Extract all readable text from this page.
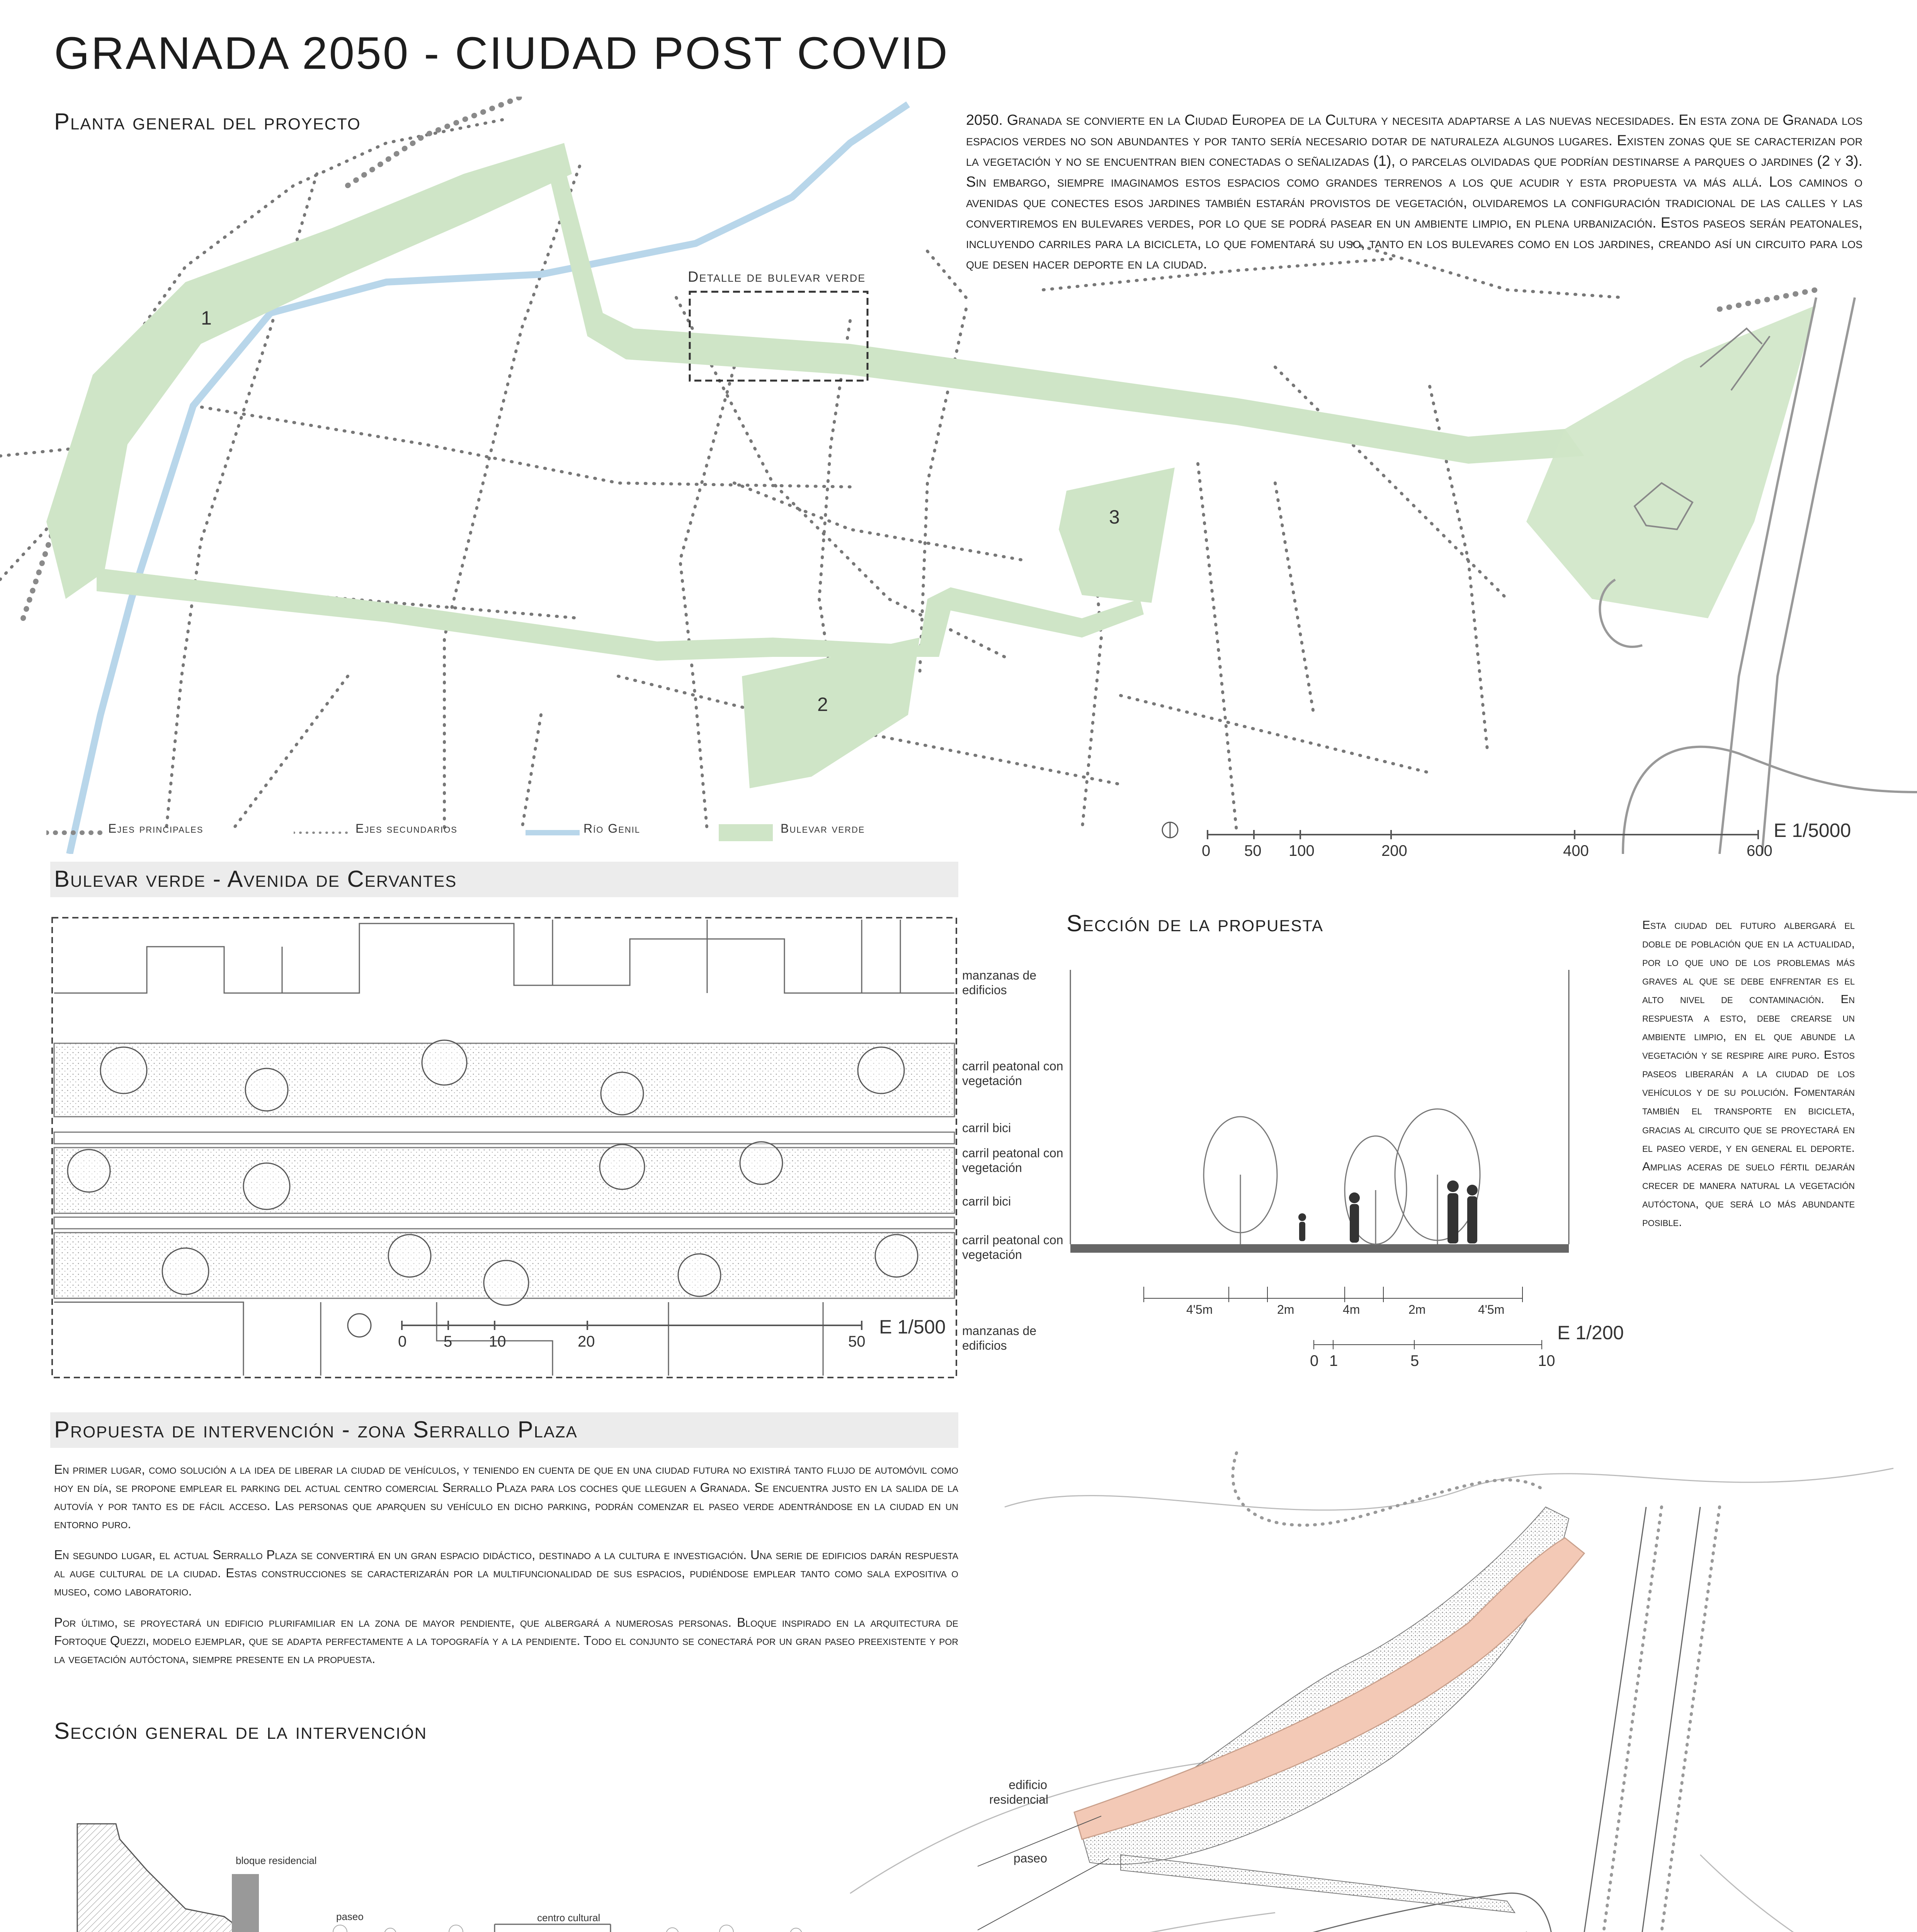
GRANADA 2050 - CIUDAD POST COVID
Planta general del proyecto
1
2
3
Detalle de bulevar verde
2050. Granada se convierte en la Ciudad Europea de la Cultura y necesita adaptarse a las nuevas necesidades. En esta zona de Granada los espacios verdes no son abundantes y por tanto sería necesario dotar de naturaleza algunos lugares. Existen zonas que se caracterizan por la vegetación y no se encuentran bien conectadas o señalizadas (1), o parcelas olvidadas que podrían destinarse a parques o jardines (2 y 3). Sin embargo, siempre imaginamos estos espacios como grandes terrenos a los que acudir y esta propuesta va más allá. Los caminos o avenidas que conectes esos jardines también estarán provistos de vegetación, olvidaremos la configuración tradicional de las calles y las convertiremos en bulevares verdes, por lo que se podrá pasear en un ambiente limpio, en plena urbanización. Estos paseos serán peatonales, incluyendo carriles para la bicicleta, lo que fomentará su uso, tanto en los bulevares como en los jardines, creando así un circuito para los que desen hacer deporte en la ciudad.
Ejes principales	Ejes secundarios	Río Genil	Bulevar verde
0 50 100	200	400	600
E 1/5000
Bulevar verde - Avenida de Cervantes
0 5 10	20	50
E 1/500
manzanas de edificios
carril peatonal con vegetación
carril bici
carril peatonal con vegetación
carril bici
carril peatonal con vegetación
manzanas de edificios
Sección de la propuesta
4'5m	2m	4m	2m	4'5m
0 1	5	10
E 1/200
Esta ciudad del futuro albergará el doble de población que en la actualidad, por lo que uno de los problemas más graves al que se debe enfrentar es el alto nivel de contaminación. En respuesta a esto, debe crearse un ambiente limpio, en el que abunde la vegetación y se respire aire puro. Estos paseos liberarán a la ciudad de los vehículos y de su polución. Fomentarán también el transporte en bicicleta, gracias al circuito que se proyectará en el paseo verde, y en general el deporte. Amplias aceras de suelo fértil dejarán crecer de manera natural la vegetación autóctona, que será lo más abundante posible.
Propuesta de intervención - zona Serrallo Plaza

En primer lugar, como solución a la idea de liberar la ciudad de vehículos, y teniendo en cuenta de que en una ciudad futura no existirá tanto flujo de automóvil como hoy en día, se propone emplear el parking del actual centro comercial Serrallo Plaza para los coches que lleguen a Granada. Se encuentra justo en la salida de la autovía y por tanto es de fácil acceso. Las personas que aparquen su vehículo en dicho parking, podrán comenzar el paseo verde adentrándose en la ciudad en un entorno puro.

En segundo lugar, el actual Serrallo Plaza se convertirá en un gran espacio didáctico, destinado a la cultura e investigación. Una serie de edificios darán respuesta al auge cultural de la ciudad. Estas construcciones se caracterizarán por la multifuncionalidad de sus espacios, pudiéndose emplear tanto como sala expositiva o museo, como laboratorio.

Por último, se proyectará un edificio plurifamiliar en la zona de mayor pendiente, que albergará a numerosas personas. Bloque inspirado en la arquitectura de Fortoque Quezzi, modelo ejemplar, que se adapta perfectamente a la topografía y a la pendiente. Todo el conjunto se conectará por un gran paseo preexistente y por la vegetación autóctona, siempre presente en la propuesta.

Sección general de la intervención
bloque residencial
paseo	centro cultural

edificio residencial
paseo
